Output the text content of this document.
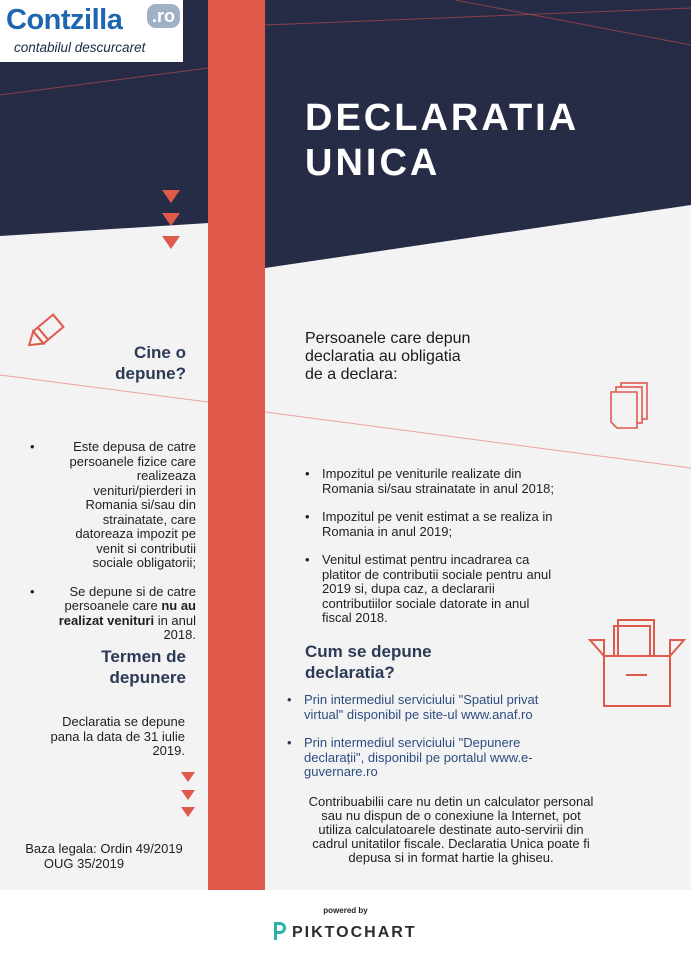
Contzilla .ro
contabilul descurcaret
DECLARATIA
UNICA
Cine o
depune?
• Este depusa de catre persoanele fizice care realizeaza venituri/pierderi in Romania si/sau din strainatate, care datoreaza impozit pe venit si contributii sociale obligatorii;
• Se depune si de catre persoanele care nu au realizat venituri in anul 2018.
Termen de
depunere
Declaratia se depune pana la data de 31 iulie 2019.
Baza legala: Ordin 49/2019
OUG 35/2019
Persoanele care depun
declaratia au obligatia
de a declara:
• Impozitul pe veniturile realizate din Romania si/sau strainatate in anul 2018;
• Impozitul pe venit estimat a se realiza in Romania in anul 2019;
• Venitul estimat pentru incadrarea ca platitor de contributii sociale pentru anul 2019 si, dupa caz, a declararii contributiilor sociale datorate in anul fiscal 2018.
Cum se depune
declaratia?
• Prin intermediul serviciului "Spatiul privat virtual" disponibil pe site-ul www.anaf.ro
• Prin intermediul serviciului "Depunere declarații", disponibil pe portalul www.e-guvernare.ro
Contribuabilii care nu detin un calculator personal sau nu dispun de o conexiune la Internet, pot utiliza calculatoarele destinate auto-servirii din cadrul unitatilor fiscale. Declaratia Unica poate fi depusa si in format hartie la ghiseu.
powered by
PIKTOCHART
